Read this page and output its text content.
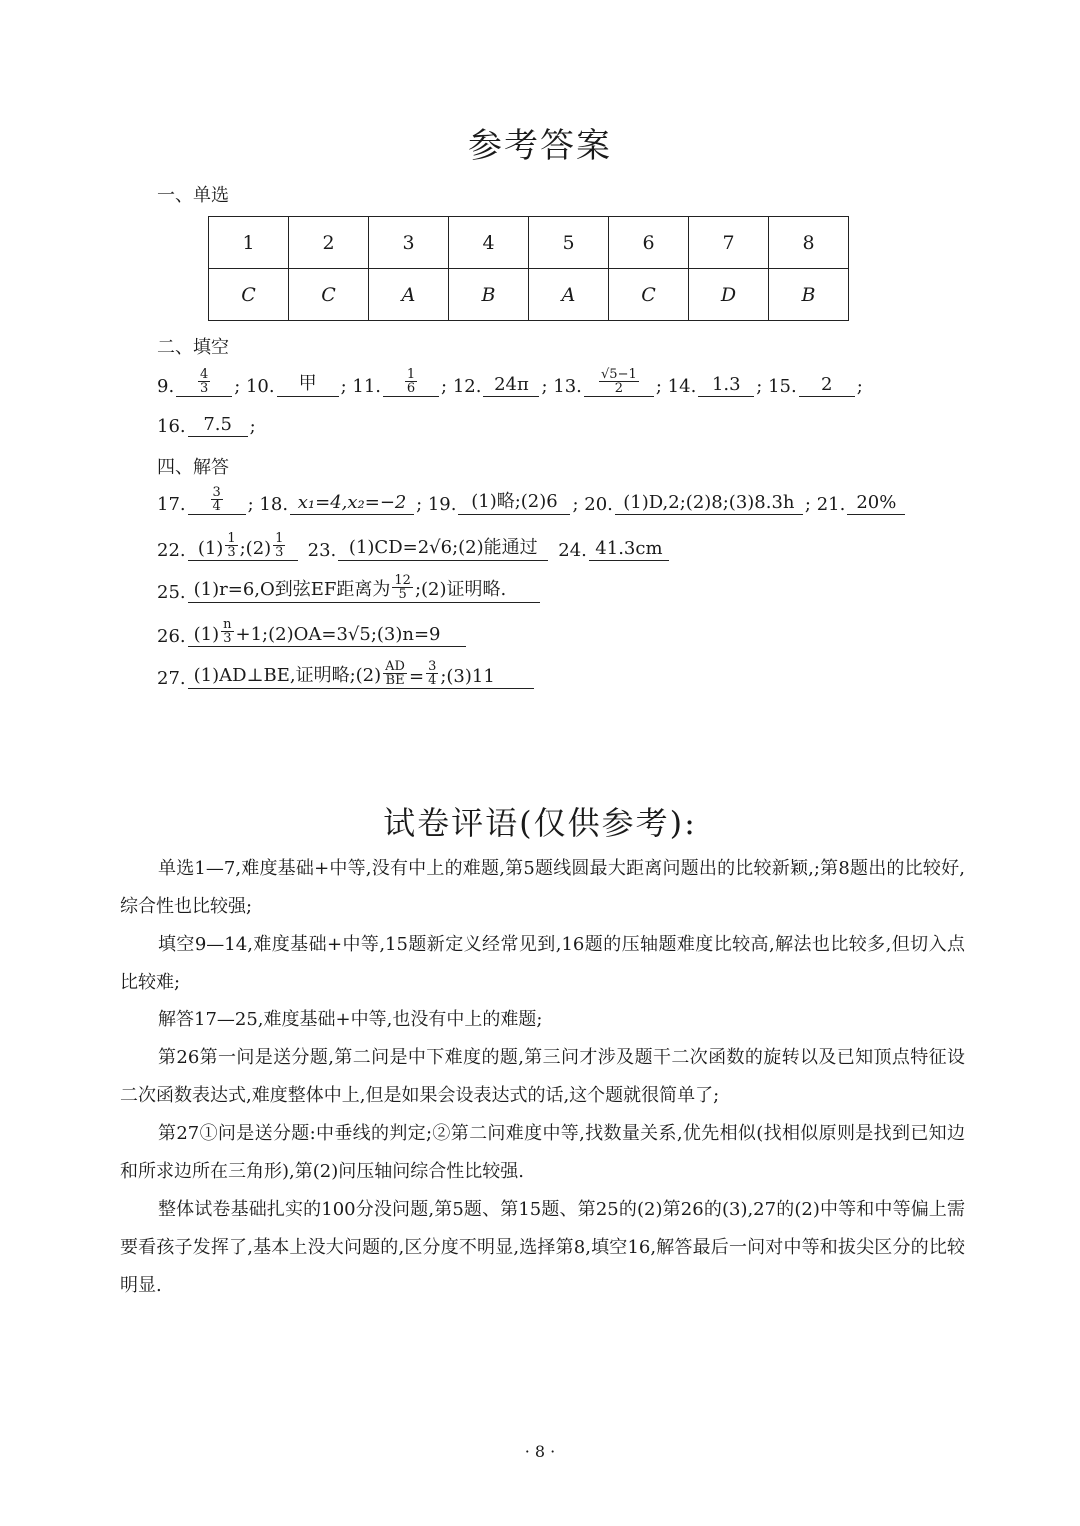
参考答案
一、单选
1	2	3	4	5	6	7	8
C	C	A	B	A	C	D	B
二、填空
9. $\frac{4}{3}$ ; 10.	甲	; 11. $\frac{1}{6}$ ; 12. 24π ; 13. $\frac{√5-1}{2}$ ; 14. 1.3 ; 15.	2	;
16. 7.5 ;
四、解答
17. $\frac{3}{4}$ ; 18. x₁=4,x₂=−2 ; 19. (1)略;(2)6 ; 20. (1)D,2;(2)8;(3)8.3h ; 21. 20%
22. $(1) \frac{1}{3}$ ;(2) $\frac{1}{3} 23$. (1)CD=2√6;(2)能通过	24. 41.3cm
25. (1)r=6,O到弦EF距离为 $\frac{12}{5}$ ;(2)证明略.
26. $(1) \frac{n}{3}$ +1;(2)OA=3√5;(3)n=9
27. (1)AD⊥BE,证明略;(2) $\frac{AD}{BE} = \frac{3}{4}$ ;(3)11
试卷评语(仅供参考):

单选1—7,难度基础+中等,没有中上的难题,第5题线圆最大距离问题出的比较新颖,;第8题出的比较好,综合性也比较强;

填空9—14,难度基础+中等,15题新定义经常见到,16题的压轴题难度比较高,解法也比较多,但切入点比较难;

解答17—25,难度基础+中等,也没有中上的难题;

第26第一问是送分题,第二问是中下难度的题,第三问才涉及题干二次函数的旋转以及已知顶点特征设二次函数表达式,难度整体中上,但是如果会设表达式的话,这个题就很简单了;

第27①问是送分题:中垂线的判定;②第二问难度中等,找数量关系,优先相似(找相似原则是找到已知边和所求边所在三角形),第(2)问压轴问综合性比较强.

整体试卷基础扎实的100分没问题,第5题、第15题、第25的(2)第26的(3),27的(2)中等和中等偏上需要看孩子发挥了,基本上没大问题的,区分度不明显,选择第8,填空16,解答最后一问对中等和拔尖区分的比较明显.

· 8 ·
